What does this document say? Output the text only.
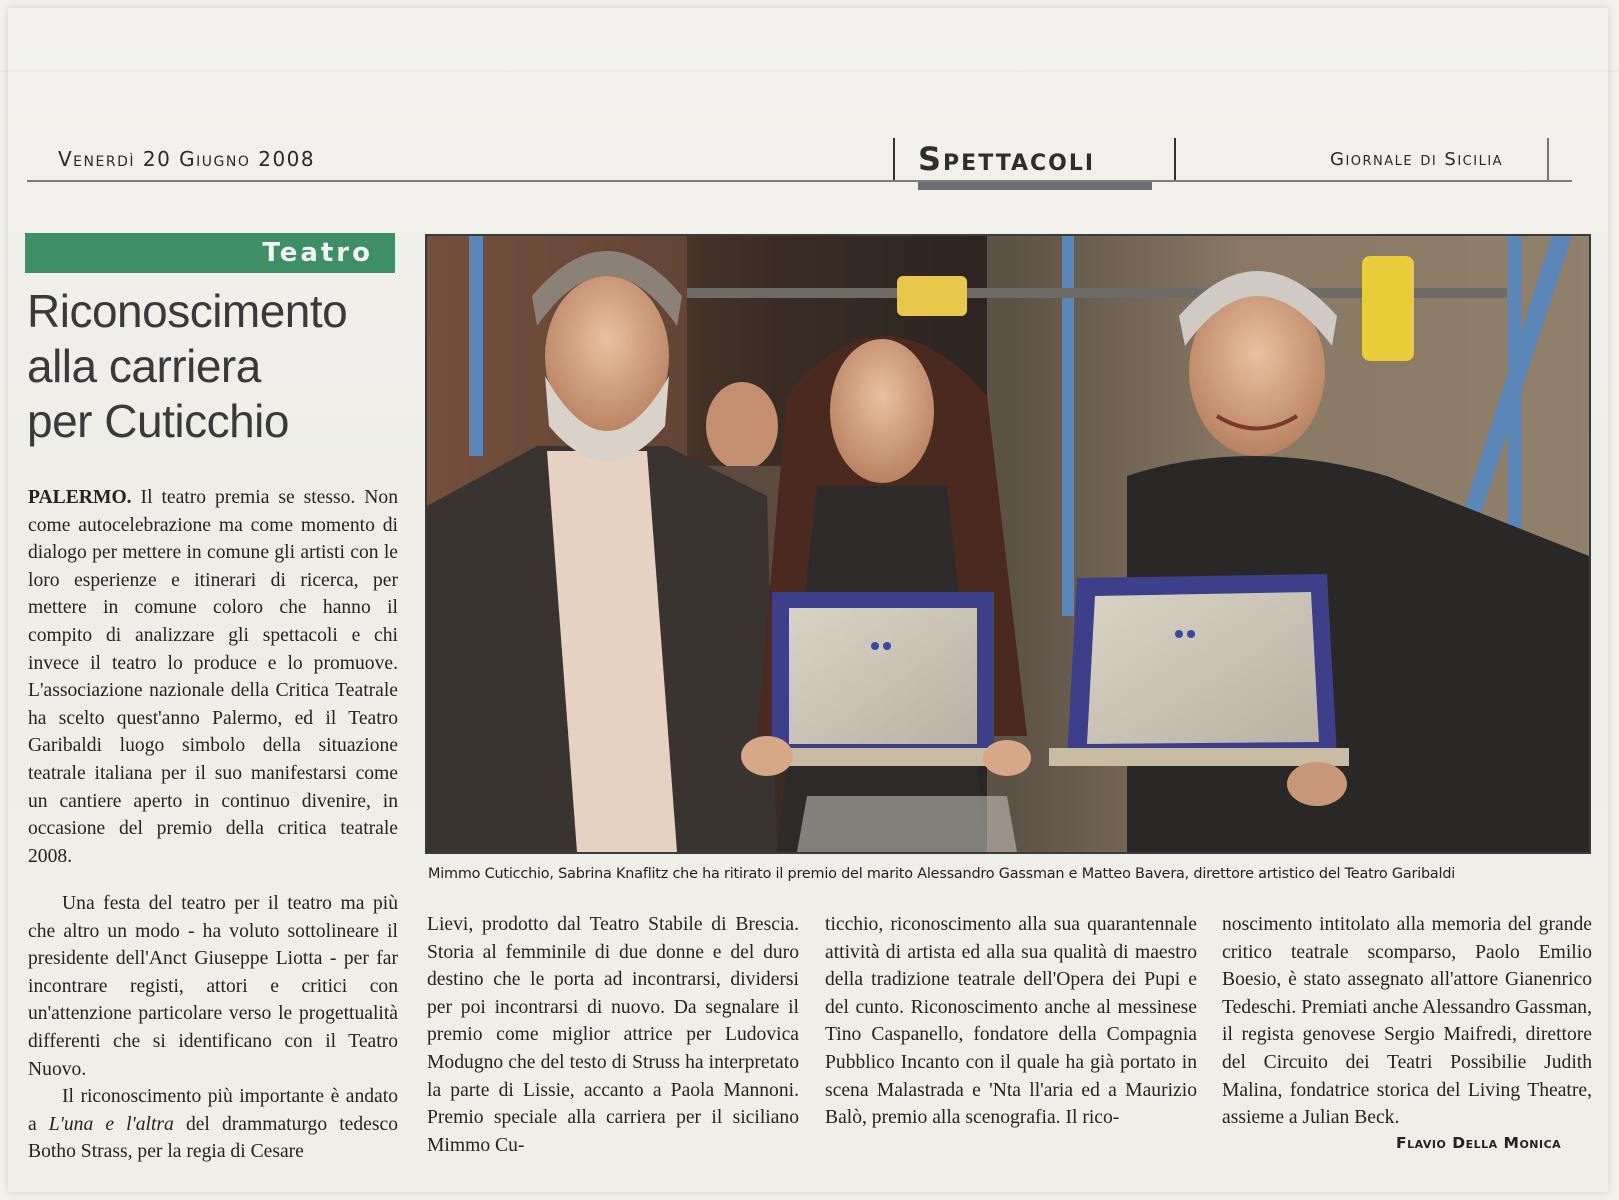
Venerdì 20 Giugno 2008	Spettacoli	Giornale di Sicilia
Teatro
Riconoscimento
alla carriera
per Cuticchio

PALERMO. Il teatro premia se stesso. Non come autocelebrazione ma come momento di dialogo per mettere in comune gli artisti con le loro esperienze e itinerari di ricerca, per mettere in comune coloro che hanno il compito di analizzare gli spettacoli e chi invece il teatro lo produce e lo promuove. L'associazione nazionale della Critica Teatrale ha scelto quest'anno Palermo, ed il Teatro Garibaldi luogo simbolo della situazione teatrale italiana per il suo manifestarsi come un cantiere aperto in continuo divenire, in occasione del premio della critica teatrale 2008.

Una festa del teatro per il teatro ma più che altro un modo - ha voluto sottolineare il presidente dell'Anct Giuseppe Liotta - per far incontrare registi, attori e critici con un'attenzione particolare verso le progettualità differenti che si identificano con il Teatro Nuovo.

Il riconoscimento più importante è andato a L'una e l'altra del drammaturgo tedesco Botho Strass, per la regia di Cesare

Mimmo Cuticchio, Sabrina Knaflitz che ha ritirato il premio del marito Alessandro Gassman e Matteo Bavera, direttore artistico del Teatro Garibaldi

Lievi, prodotto dal Teatro Stabile di Brescia. Storia al femminile di due donne e del duro destino che le porta ad incontrarsi, dividersi per poi incontrarsi di nuovo. Da segnalare il premio come miglior attrice per Ludovica Modugno che del testo di Struss ha interpretato la parte di Lissie, accanto a Paola Mannoni. Premio speciale alla carriera per il siciliano Mimmo Cu-

ticchio, riconoscimento alla sua quarantennale attività di artista ed alla sua qualità di maestro della tradizione teatrale dell'Opera dei Pupi e del cunto. Riconoscimento anche al messinese Tino Caspanello, fondatore della Compagnia Pubblico Incanto con il quale ha già portato in scena Malastrada e 'Nta ll'aria ed a Maurizio Balò, premio alla scenografia. Il rico-

noscimento intitolato alla memoria del grande critico teatrale scomparso, Paolo Emilio Boesio, è stato assegnato all'attore Gianenrico Tedeschi. Premiati anche Alessandro Gassman, il regista genovese Sergio Maifredi, direttore del Circuito dei Teatri Possibilie Judith Malina, fondatrice storica del Living Theatre, assieme a Julian Beck.

Flavio Della Monica
